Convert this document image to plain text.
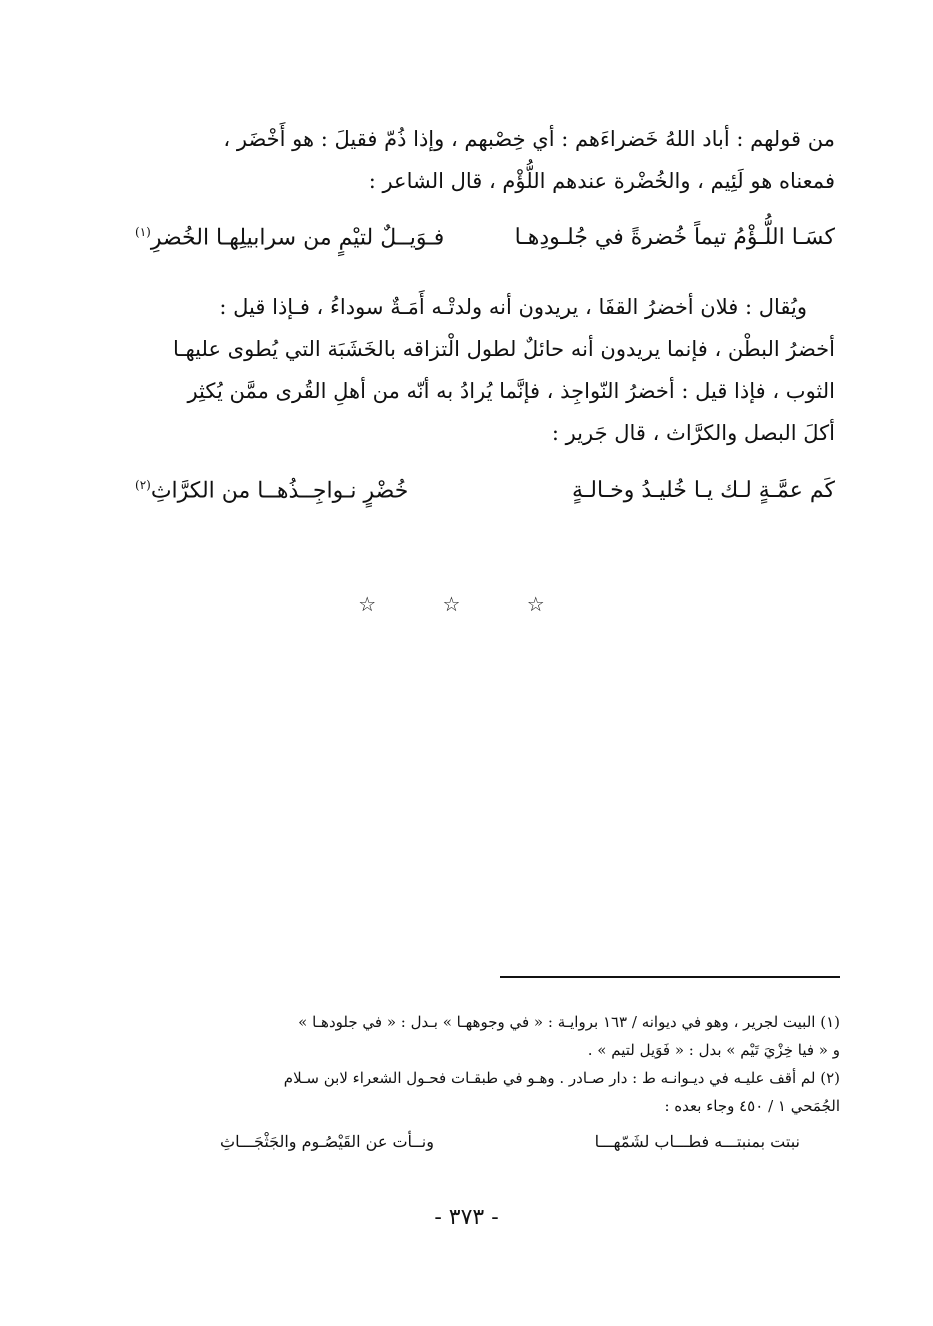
من قولهم : أباد اللهُ خَضراءَهم : أي خِصْبهم ، وإذا ذُمّ فقيلَ : هو أَخْضَر ،
فمعناه هو لَئِيم ، والخُضْرة عندهم اللُّؤْم ، قال الشاعر :
كسَـا اللُّـؤْمُ تيماً خُضرةً في جُلـودِهـا
فـوَيــلٌ لتيْمٍ من سرابيلِهـا الخُضرِ$^{(١)}$
ويُقال : فلان أخضرُ القفَا ، يريدون أنه ولدتْـه أَمَـةٌ سوداءُ ، فـإذا قيل :
أخضرُ البطْن ، فإنما يريدون أنه حائلٌ لطول الْتزاقه بالخَشَبَة التي يُطوى عليهـا
الثوب ، فإذا قيل : أخضرُ النّواجِذ ، فإنَّما يُرادُ به أنّه من أهلِ القُرى ممَّن يُكثِر
أكلَ البصل والكرَّاث ، قال جَرير :
كَم عمَّـةٍ لـك يـا خُليـدُ وخـالـةٍ
خُضْرٍ نـواجِــذُهــا من الكرَّاثِ$^{(٢)}$
☆ ☆ ☆

(١) البيت لجرير ، وهو في ديوانه / ١٦٣ بروايـة : « في وجوههـا » بـدل : « في جلودهـا »

و « فيا خِزْيَ تَيْم » بدل : « فَوَيل لتيم » .

(٢) لم أقف عليـه في ديـوانـه ط : دار صـادر . وهـو في طبقـات فحـول الشعراء لابن سـلام

الجُمَحي ١ / ٤٥٠ وجاء بعده :

نبتت بمنبتـــه فطـــاب لشَمّهـــا
ونــأت عن القَيْصُـوم والجَثْجَـــاثِ
- ٣٧٣ -
